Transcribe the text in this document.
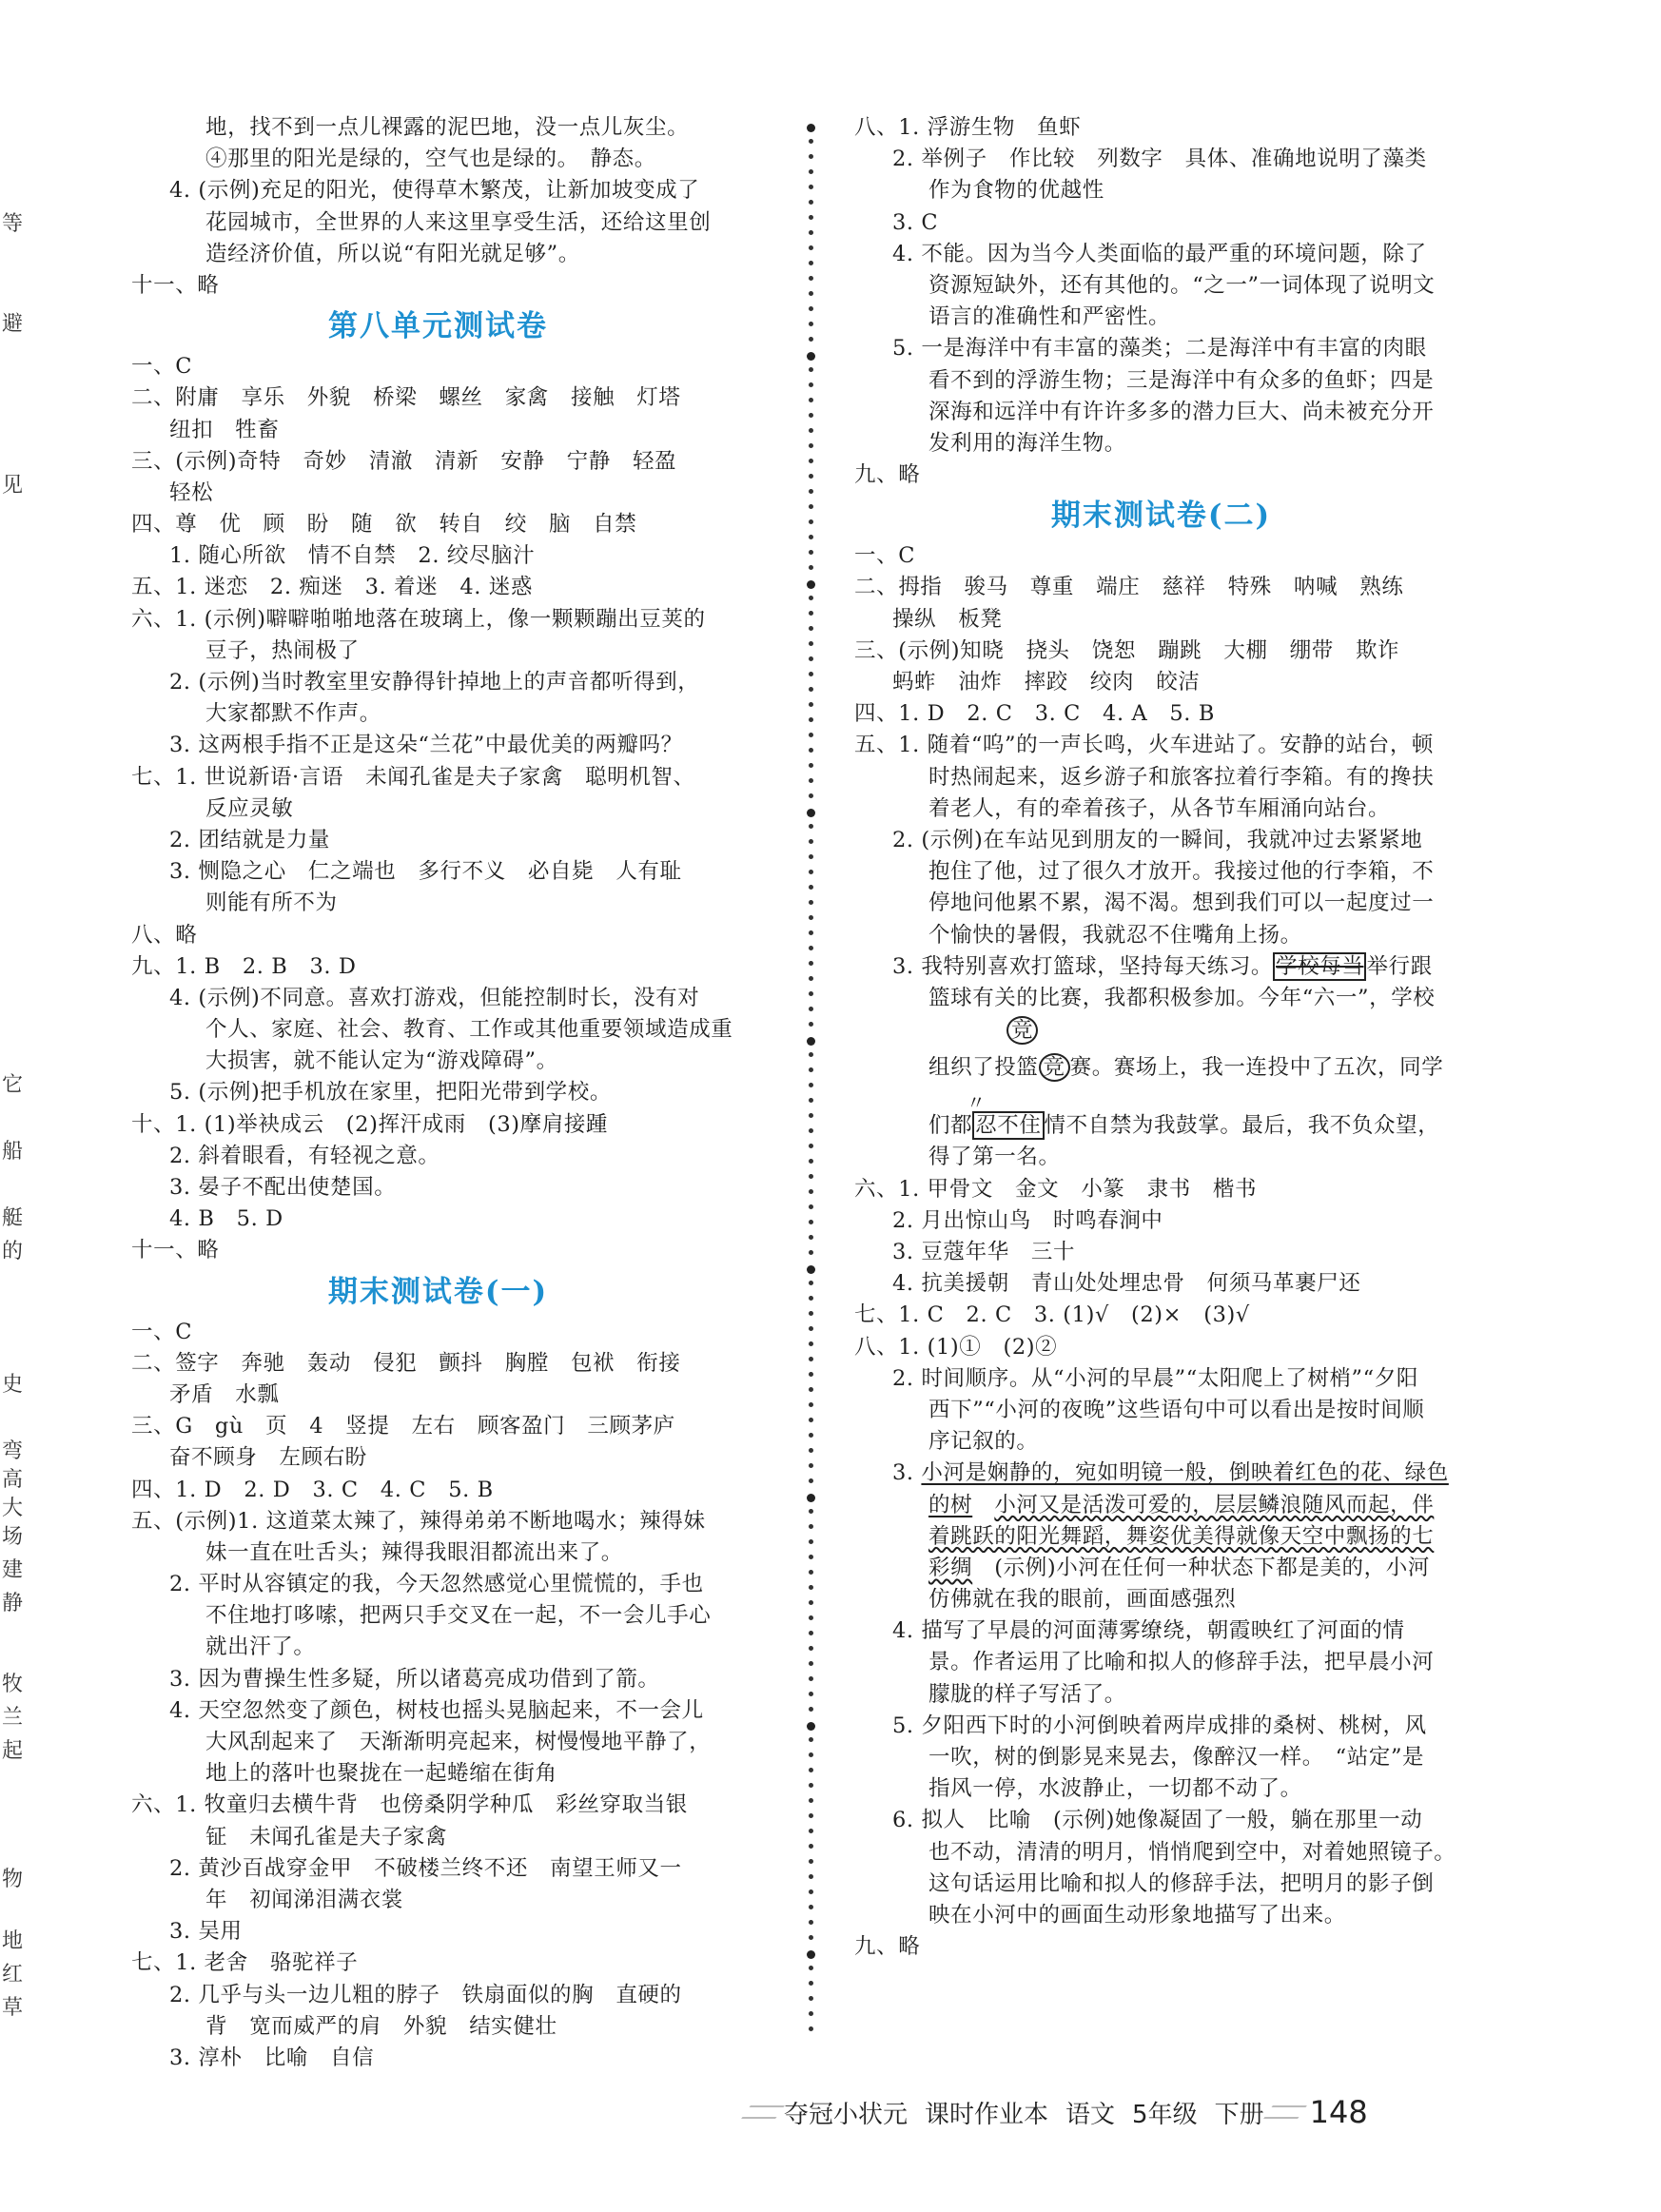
等
避
见
它
船
艇
的
史
弯
高
大
场
建
静
牧
兰
起
物
地
红
草
地，找不到一点儿裸露的泥巴地，没一点儿灰尘。
④那里的阳光是绿的，空气也是绿的。　静态。
4. (示例)充足的阳光，使得草木繁茂，让新加坡变成了
花园城市，全世界的人来这里享受生活，还给这里创
造经济价值，所以说“有阳光就足够”。
十一、略
第八单元测试卷
一、C
二、附庸　享乐　外貌　桥梁　螺丝　家禽　接触　灯塔
纽扣　牲畜
三、(示例)奇特　奇妙　清澈　清新　安静　宁静　轻盈
轻松
四、尊　优　顾　盼　随　欲　转自　绞　脑　自禁
1. 随心所欲　情不自禁　2. 绞尽脑汁
五、1. 迷恋　2. 痴迷　3. 着迷　4. 迷惑
六、1. (示例)噼噼啪啪地落在玻璃上，像一颗颗蹦出豆荚的
豆子，热闹极了
2. (示例)当时教室里安静得针掉地上的声音都听得到，
大家都默不作声。
3. 这两根手指不正是这朵“兰花”中最优美的两瓣吗？
七、1. 世说新语·言语　未闻孔雀是夫子家禽　聪明机智、
反应灵敏
2. 团结就是力量
3. 恻隐之心　仁之端也　多行不义　必自毙　人有耻
则能有所不为
八、略
九、1. B　2. B　3. D
4. (示例)不同意。喜欢打游戏，但能控制时长，没有对
个人、家庭、社会、教育、工作或其他重要领域造成重
大损害，就不能认定为“游戏障碍”。
5. (示例)把手机放在家里，把阳光带到学校。
十、1. (1)举袂成云　(2)挥汗成雨　(3)摩肩接踵
2. 斜着眼看，有轻视之意。
3. 晏子不配出使楚国。
4. B　5. D
十一、略
期末测试卷(一)
一、C
二、签字　奔驰　轰动　侵犯　颤抖　胸膛　包袱　衔接
矛盾　水瓢
三、G　gù　页　4　竖提　左右　顾客盈门　三顾茅庐
奋不顾身　左顾右盼
四、1. D　2. D　3. C　4. C　5. B
五、(示例)1. 这道菜太辣了，辣得弟弟不断地喝水；辣得妹
妹一直在吐舌头；辣得我眼泪都流出来了。
2. 平时从容镇定的我，今天忽然感觉心里慌慌的，手也
不住地打哆嗦，把两只手交叉在一起，不一会儿手心
就出汗了。
3. 因为曹操生性多疑，所以诸葛亮成功借到了箭。
4. 天空忽然变了颜色，树枝也摇头晃脑起来，不一会儿
大风刮起来了　天渐渐明亮起来，树慢慢地平静了，
地上的落叶也聚拢在一起蜷缩在街角
六、1. 牧童归去横牛背　也傍桑阴学种瓜　彩丝穿取当银
钲　未闻孔雀是夫子家禽
2. 黄沙百战穿金甲　不破楼兰终不还　南望王师又一
年　初闻涕泪满衣裳
3. 吴用
七、1. 老舍　骆驼祥子
2. 几乎与头一边儿粗的脖子　铁扇面似的胸　直硬的
背　宽而威严的肩　外貌　结实健壮
3. 淳朴　比喻　自信
八、1. 浮游生物　鱼虾
2. 举例子　作比较　列数字　具体、准确地说明了藻类
作为食物的优越性
3. C
4. 不能。因为当今人类面临的最严重的环境问题，除了
资源短缺外，还有其他的。“之一”一词体现了说明文
语言的准确性和严密性。
5. 一是海洋中有丰富的藻类；二是海洋中有丰富的肉眼
看不到的浮游生物；三是海洋中有众多的鱼虾；四是
深海和远洋中有许许多多的潜力巨大、尚未被充分开
发利用的海洋生物。
九、略
期末测试卷(二)
一、C
二、拇指　骏马　尊重　端庄　慈祥　特殊　呐喊　熟练
操纵　板凳
三、(示例)知晓　挠头　饶恕　蹦跳　大棚　绷带　欺诈
蚂蚱　油炸　摔跤　绞肉　皎洁
四、1. D　2. C　3. C　4. A　5. B
五、1. 随着“呜”的一声长鸣，火车进站了。安静的站台，顿
时热闹起来，返乡游子和旅客拉着行李箱。有的搀扶
着老人，有的牵着孩子，从各节车厢涌向站台。
2. (示例)在车站见到朋友的一瞬间，我就冲过去紧紧地
抱住了他，过了很久才放开。我接过他的行李箱，不
停地问他累不累，渴不渴。想到我们可以一起度过一
个愉快的暑假，我就忍不住嘴角上扬。
3. 我特别喜欢打篮球，坚持每天练习。 学校每当 举行跟
篮球有关的比赛，我都积极参加。今年“六一”，学校
竞
组织了投篮 竞 赛。赛场上，我一连投中了五次，同学
〃
们都 忍不住 情不自禁为我鼓掌。最后，我不负众望，
得了第一名。
六、1. 甲骨文　金文　小篆　隶书　楷书
2. 月出惊山鸟　时鸣春涧中
3. 豆蔻年华　三十
4. 抗美援朝　青山处处埋忠骨　何须马革裹尸还
七、1. C　2. C　3. (1)√　(2)×　(3)√
八、1. (1)①　(2)②
2. 时间顺序。从“小河的早晨”“太阳爬上了树梢”“夕阳
西下”“小河的夜晚”这些语句中可以看出是按时间顺
序记叙的。
3. 小河是娴静的，宛如明镜一般，倒映着红色的花、绿色
的树　 小河又是活泼可爱的，层层鳞浪随风而起，伴
着跳跃的阳光舞蹈，舞姿优美得就像天空中飘扬的七
彩绸　(示例)小河在任何一种状态下都是美的，小河
仿佛就在我的眼前，画面感强烈
4. 描写了早晨的河面薄雾缭绕，朝霞映红了河面的情
景。作者运用了比喻和拟人的修辞手法，把早晨小河
朦胧的样子写活了。
5. 夕阳西下时的小河倒映着两岸成排的桑树、桃树，风
一吹，树的倒影晃来晃去，像醉汉一样。　“站定”是
指风一停，水波静止，一切都不动了。
6. 拟人　比喻　(示例)她像凝固了一般，躺在那里一动
也不动，清清的明月，悄悄爬到空中，对着她照镜子。
这句话运用比喻和拟人的修辞手法，把明月的影子倒
映在小河中的画面生动形象地描写了出来。
九、略
夺冠小状元 课时作业本 语文 5年级 下册 148
